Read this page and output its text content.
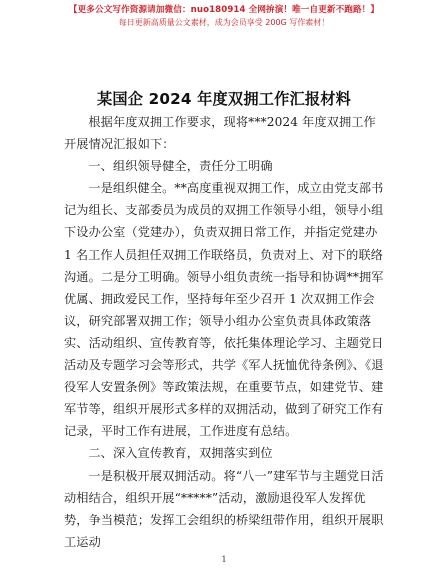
【更多公文写作资源请加微信：nuo180914 全网拚演！唯一自更新不跑路！】
每日更新高质量公文素材，成为会员享受 200G 写作素材！
某国企 2024 年度双拥工作汇报材料

根据年度双拥工作要求，现将***2024 年度双拥工作开展情况汇报如下：

一、组织领导健全，责任分工明确

一是组织健全。**高度重视双拥工作，成立由党支部书记为组长、支部委员为成员的双拥工作领导小组，领导小组下设办公室（党建办），负责双拥日常工作，并指定党建办 1 名工作人员担任双拥工作联络员，负责对上、对下的联络沟通。二是分工明确。领导小组负责统一指导和协调**拥军优属、拥政爱民工作，坚持每年至少召开 1 次双拥工作会议，研究部署双拥工作；领导小组办公室负责具体政策落实、活动组织、宣传教育等，依托集体理论学习、主题党日活动及专题学习会等形式，共学《军人抚恤优待条例》、《退役军人安置条例》等政策法规，在重要节点，如建党节、建军节等，组织开展形式多样的双拥活动，做到了研究工作有记录，平时工作有进展，工作进度有总结。

二、深入宣传教育，双拥落实到位

一是积极开展双拥活动。将“八一”建军节与主题党日活动相结合，组织开展“*****”活动，激励退役军人发挥优势，争当模范；发挥工会组织的桥梁纽带作用，组织开展职工运动

1
